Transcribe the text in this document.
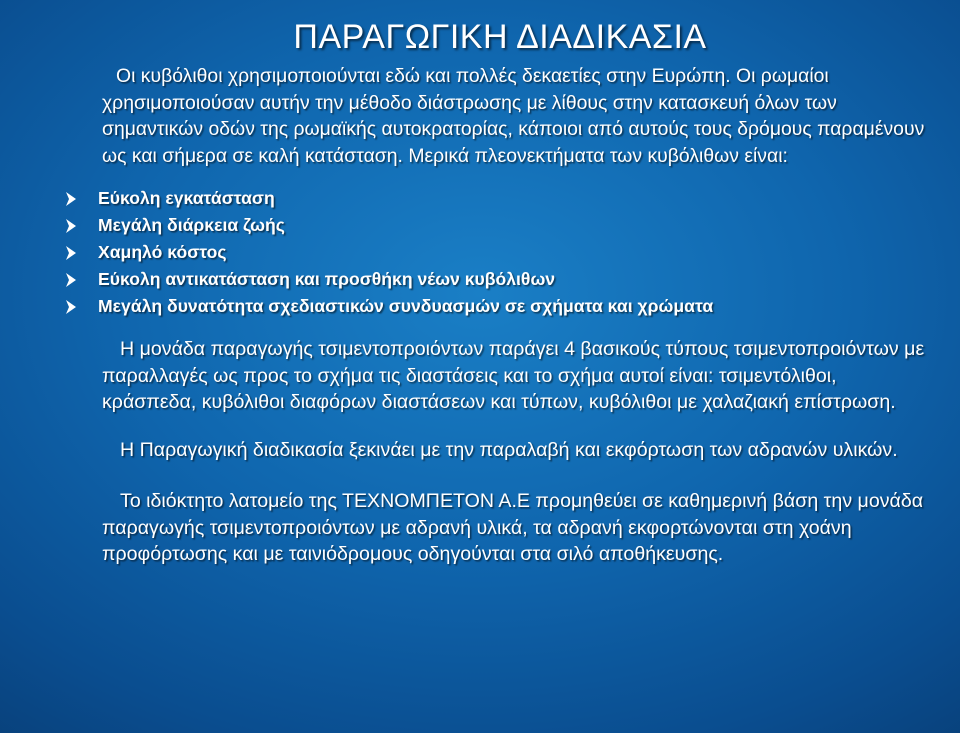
ΠΑΡΑΓΩΓΙΚΗ ΔΙΑΔΙΚΑΣΙΑ

Οι κυβόλιθοι χρησιμοποιούνται εδώ και πολλές δεκαετίες στην Ευρώπη. Οι ρωμαίοι χρησιμοποιούσαν αυτήν την μέθοδο διάστρωσης με λίθους στην κατασκευή όλων των σημαντικών οδών της ρωμαϊκής αυτοκρατορίας, κάποιοι από αυτούς τους δρόμους παραμένουν ως και σήμερα σε καλή κατάσταση. Μερικά πλεονεκτήματα των κυβόλιθων είναι:

Εύκολη εγκατάσταση
Μεγάλη διάρκεια ζωής
Χαμηλό κόστος
Εύκολη αντικατάσταση και προσθήκη νέων κυβόλιθων
Μεγάλη δυνατότητα σχεδιαστικών συνδυασμών σε σχήματα και χρώματα

Η μονάδα παραγωγής τσιμεντοπροιόντων παράγει 4 βασικούς τύπους τσιμεντοπροιόντων με παραλλαγές ως προς το σχήμα τις διαστάσεις και το σχήμα αυτοί είναι: τσιμεντόλιθοι, κράσπεδα, κυβόλιθοι διαφόρων διαστάσεων και τύπων, κυβόλιθοι με χαλαζιακή επίστρωση.

Η Παραγωγική διαδικασία ξεκινάει με την παραλαβή και εκφόρτωση των αδρανών υλικών.

Το ιδιόκτητο λατομείο της ΤΕΧΝΟΜΠΕΤΟΝ Α.Ε προμηθεύει σε καθημερινή βάση την μονάδα παραγωγής τσιμεντοπροιόντων με αδρανή υλικά, τα αδρανή εκφορτώνονται στη χοάνη προφόρτωσης και με ταινιόδρομους οδηγούνται στα σιλό αποθήκευσης.
